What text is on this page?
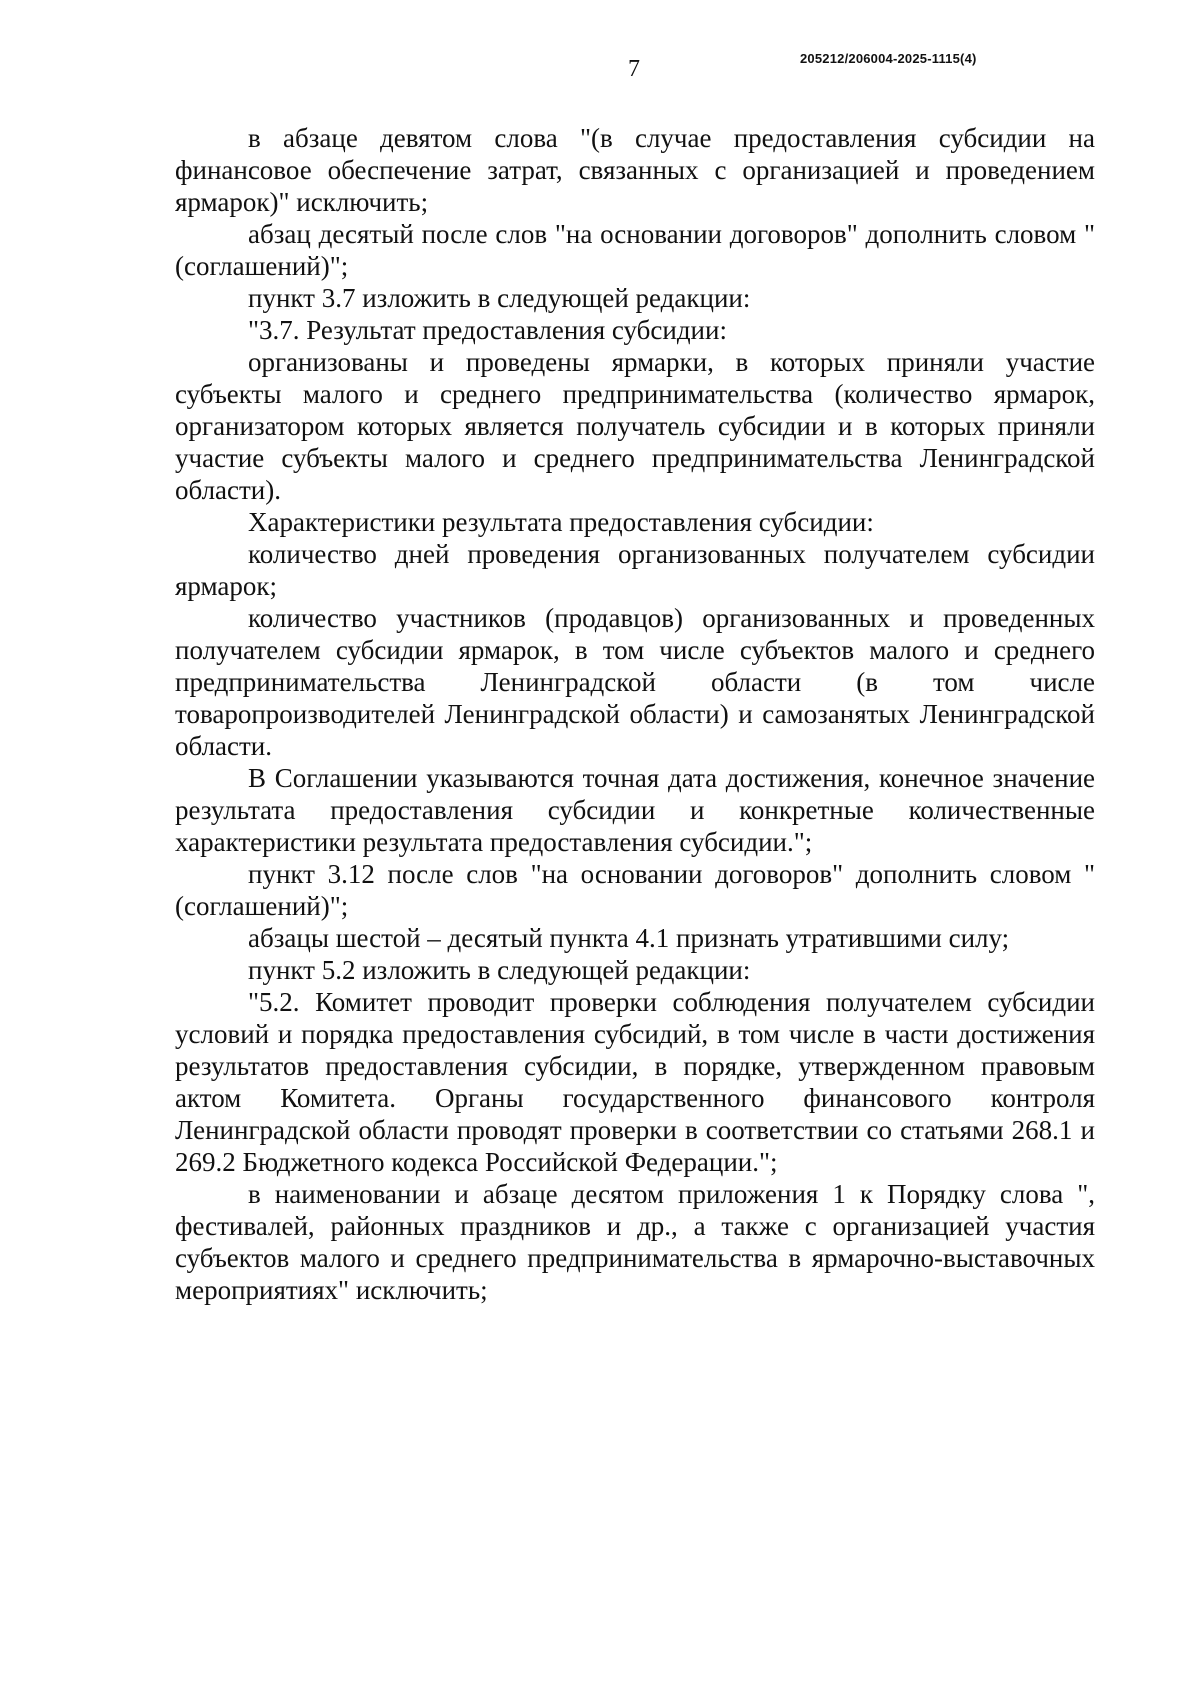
7	205212/206004-2025-1115(4)

в абзаце девятом слова "(в случае предоставления субсидии на финансовое обеспечение затрат, связанных с организацией и проведением ярмарок)" исключить;

абзац десятый после слов "на основании договоров" дополнить словом "(соглашений)";

пункт 3.7 изложить в следующей редакции:

"3.7. Результат предоставления субсидии:

организованы и проведены ярмарки, в которых приняли участие субъекты малого и среднего предпринимательства (количество ярмарок, организатором которых является получатель субсидии и в которых приняли участие субъекты малого и среднего предпринимательства Ленинградской области).

Характеристики результата предоставления субсидии:

количество дней проведения организованных получателем субсидии ярмарок;

количество участников (продавцов) организованных и проведенных получателем субсидии ярмарок, в том числе субъектов малого и среднего предпринимательства Ленинградской области (в том числе товаропроизводителей Ленинградской области) и самозанятых Ленинградской области.

В Соглашении указываются точная дата достижения, конечное значение результата предоставления субсидии и конкретные количественные характеристики результата предоставления субсидии.";

пункт 3.12 после слов "на основании договоров" дополнить словом "(соглашений)";

абзацы шестой – десятый пункта 4.1 признать утратившими силу;

пункт 5.2 изложить в следующей редакции:

"5.2. Комитет проводит проверки соблюдения получателем субсидии условий и порядка предоставления субсидий, в том числе в части достижения результатов предоставления субсидии, в порядке, утвержденном правовым актом Комитета. Органы государственного финансового контроля Ленинградской области проводят проверки в соответствии со статьями 268.1 и 269.2 Бюджетного кодекса Российской Федерации.";

в наименовании и абзаце десятом приложения 1 к Порядку слова ", фестивалей, районных праздников и др., а также с организацией участия субъектов малого и среднего предпринимательства в ярмарочно-выставочных мероприятиях" исключить;
